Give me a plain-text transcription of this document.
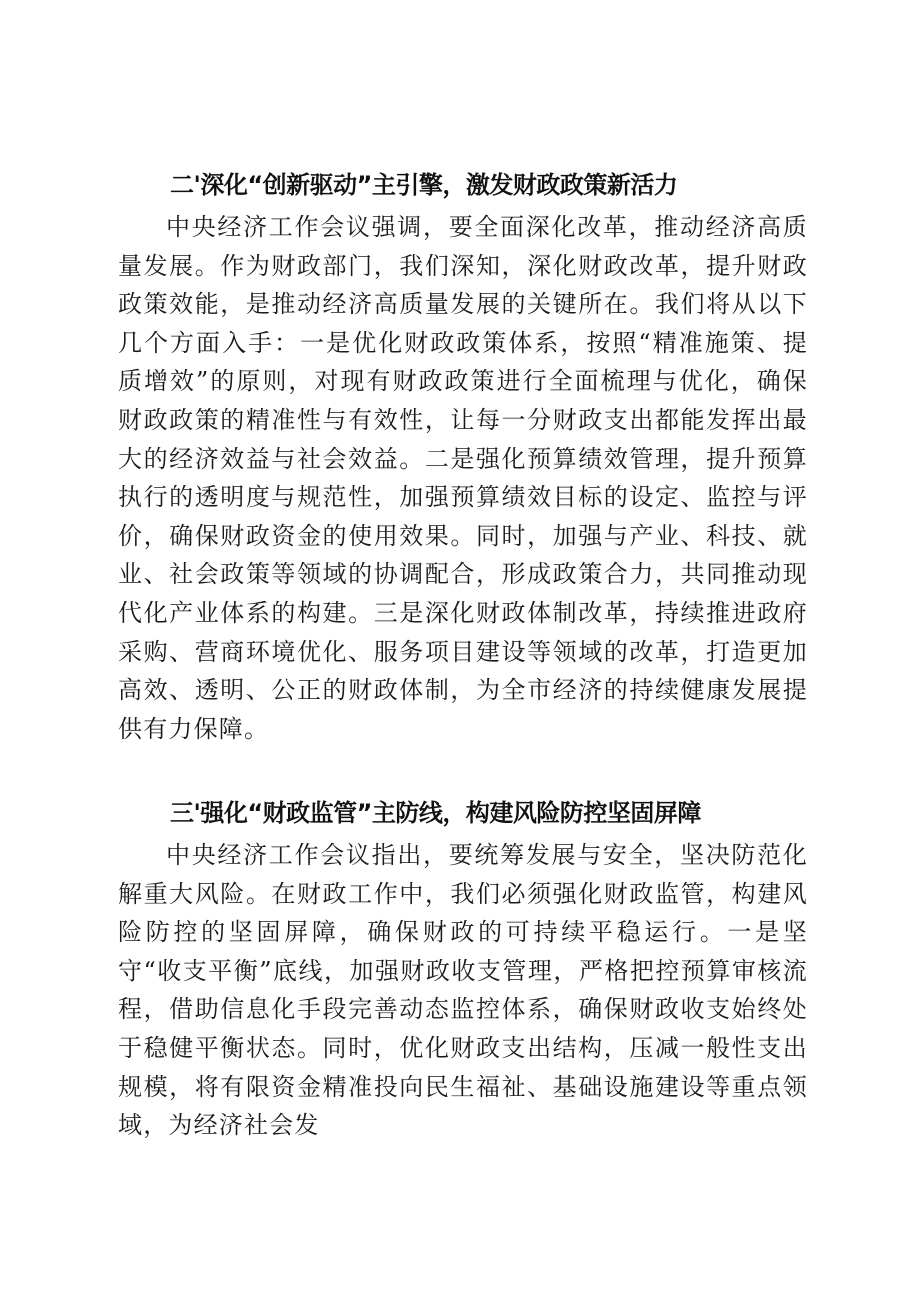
二'深化“创新驱动”主引擎，激发财政政策新活力

中央经济工作会议强调，要全面深化改革，推动经济高质量发展。作为财政部门，我们深知，深化财政改革，提升财政政策效能，是推动经济高质量发展的关键所在。我们将从以下几个方面入手：一是优化财政政策体系，按照“精准施策、提质增效”的原则，对现有财政政策进行全面梳理与优化，确保财政政策的精准性与有效性，让每一分财政支出都能发挥出最大的经济效益与社会效益。二是强化预算绩效管理，提升预算执行的透明度与规范性，加强预算绩效目标的设定、监控与评价，确保财政资金的使用效果。同时，加强与产业、科技、就业、社会政策等领域的协调配合，形成政策合力，共同推动现代化产业体系的构建。三是深化财政体制改革，持续推进政府采购、营商环境优化、服务项目建设等领域的改革，打造更加高效、透明、公正的财政体制，为全市经济的持续健康发展提供有力保障。

三'强化“财政监管”主防线，构建风险防控坚固屏障

中央经济工作会议指出，要统筹发展与安全，坚决防范化解重大风险。在财政工作中，我们必须强化财政监管，构建风险防控的坚固屏障，确保财政的可持续平稳运行。一是坚守“收支平衡”底线，加强财政收支管理，严格把控预算审核流程，借助信息化手段完善动态监控体系，确保财政收支始终处于稳健平衡状态。同时，优化财政支出结构，压减一般性支出规模，将有限资金精准投向民生福祉、基础设施建设等重点领域，为经济社会发
